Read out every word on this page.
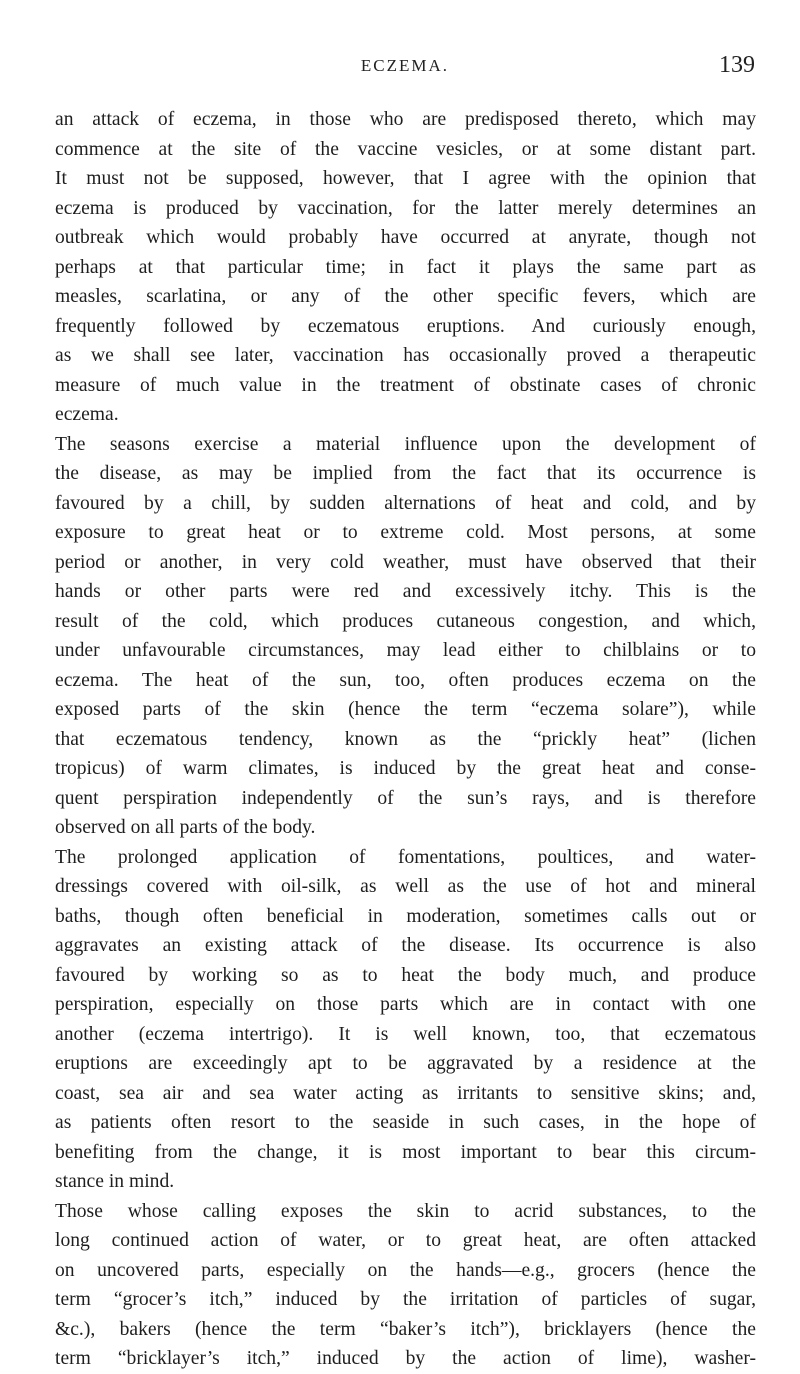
ECZEMA.	139
an attack of eczema, in those who are predisposed thereto, which may
commence at the site of the vaccine vesicles, or at some distant part.
It must not be supposed, however, that I agree with the opinion that
eczema is produced by vaccination, for the latter merely determines an
outbreak which would probably have occurred at anyrate, though not
perhaps at that particular time; in fact it plays the same part as
measles, scarlatina, or any of the other specific fevers, which are
frequently followed by eczematous eruptions. And curiously enough,
as we shall see later, vaccination has occasionally proved a therapeutic
measure of much value in the treatment of obstinate cases of chronic
eczema.
The seasons exercise a material influence upon the development of
the disease, as may be implied from the fact that its occurrence is
favoured by a chill, by sudden alternations of heat and cold, and by
exposure to great heat or to extreme cold. Most persons, at some
period or another, in very cold weather, must have observed that their
hands or other parts were red and excessively itchy. This is the
result of the cold, which produces cutaneous congestion, and which,
under unfavourable circumstances, may lead either to chilblains or to
eczema. The heat of the sun, too, often produces eczema on the
exposed parts of the skin (hence the term “eczema solare”), while
that eczematous tendency, known as the “prickly heat” (lichen
tropicus) of warm climates, is induced by the great heat and conse-
quent perspiration independently of the sun’s rays, and is therefore
observed on all parts of the body.
The prolonged application of fomentations, poultices, and water-
dressings covered with oil-silk, as well as the use of hot and mineral
baths, though often beneficial in moderation, sometimes calls out or
aggravates an existing attack of the disease. Its occurrence is also
favoured by working so as to heat the body much, and produce
perspiration, especially on those parts which are in contact with one
another (eczema intertrigo). It is well known, too, that eczematous
eruptions are exceedingly apt to be aggravated by a residence at the
coast, sea air and sea water acting as irritants to sensitive skins; and,
as patients often resort to the seaside in such cases, in the hope of
benefiting from the change, it is most important to bear this circum-
stance in mind.
Those whose calling exposes the skin to acrid substances, to the
long continued action of water, or to great heat, are often attacked
on uncovered parts, especially on the hands—e.g., grocers (hence the
term “grocer’s itch,” induced by the irritation of particles of sugar,
&c.), bakers (hence the term “baker’s itch”), bricklayers (hence the
term “bricklayer’s itch,” induced by the action of lime), washer-
